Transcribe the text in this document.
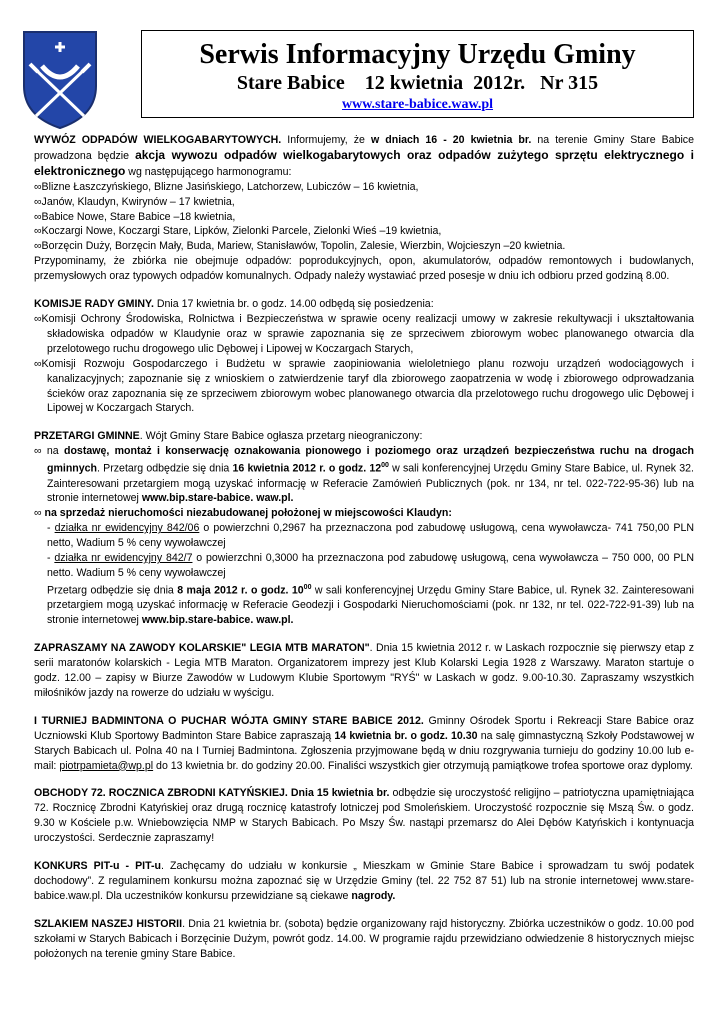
Serwis Informacyjny Urzędu Gminy
Stare Babice    12 kwietnia  2012r.   Nr 315
www.stare-babice.waw.pl

WYWÓZ ODPADÓW WIELKOGABARYTOWYCH. Informujemy, że w dniach 16 - 20 kwietnia br. na terenie Gminy Stare Babice prowadzona będzie akcja wywozu odpadów wielkogabarytowych oraz odpadów zużytego sprzętu elektrycznego i elektronicznego wg następującego harmonogramu:

∞Blizne Łaszczyńskiego, Blizne Jasińskiego, Latchorzew, Lubiczów – 16 kwietnia,

∞Janów, Klaudyn, Kwirynów – 17 kwietnia,

∞Babice Nowe, Stare Babice –18 kwietnia,

∞Koczargi Nowe, Koczargi Stare, Lipków, Zielonki Parcele, Zielonki Wieś –19 kwietnia,

∞Borzęcin Duży, Borzęcin Mały, Buda, Mariew, Stanisławów, Topolin, Zalesie, Wierzbin, Wojcieszyn –20 kwietnia.

Przypominamy, że zbiórka nie obejmuje odpadów: poprodukcyjnych, opon, akumulatorów, odpadów remontowych i budowlanych, przemysłowych oraz typowych odpadów komunalnych. Odpady należy wystawiać przed posesje w dniu ich odbioru przed godziną 8.00.

KOMISJE RADY GMINY. Dnia 17 kwietnia br. o godz. 14.00 odbędą się posiedzenia:

∞Komisji Ochrony Środowiska, Rolnictwa i Bezpieczeństwa w sprawie oceny realizacji umowy w zakresie rekultywacji i ukształtowania składowiska odpadów w Klaudynie oraz w sprawie zapoznania się ze sprzeciwem zbiorowym wobec planowanego otwarcia dla przelotowego ruchu drogowego ulic Dębowej i Lipowej w Koczargach Starych,

∞Komisji Rozwoju Gospodarczego i Budżetu w sprawie zaopiniowania wieloletniego planu rozwoju urządzeń wodociągowych i kanalizacyjnych; zapoznanie się z wnioskiem o zatwierdzenie taryf dla zbiorowego zaopatrzenia w wodę i zbiorowego odprowadzania ścieków oraz zapoznania się ze sprzeciwem zbiorowym wobec planowanego otwarcia dla przelotowego ruchu drogowego ulic Dębowej i Lipowej w Koczargach Starych.

PRZETARGI GMINNE. Wójt Gminy Stare Babice ogłasza przetarg nieograniczony:

∞ na dostawę, montaż i konserwację oznakowania pionowego i poziomego oraz urządzeń bezpieczeństwa ruchu na drogach gminnych. Przetarg odbędzie się dnia 16 kwietnia 2012 r. o godz. $12^{00}$ w sali konferencyjnej Urzędu Gminy Stare Babice, ul. Rynek 32. Zainteresowani przetargiem mogą uzyskać informację w Referacie Zamówień Publicznych (pok. nr 134, nr tel. 022-722-95-36) lub na stronie internetowej www.bip.stare-babice. waw.pl.

∞ na sprzedaż nieruchomości niezabudowanej położonej w miejscowości Klaudyn:

- działka nr ewidencyjny 842/06 o powierzchni 0,2967 ha przeznaczona pod zabudowę usługową, cena wywoławcza- 741 750,00 PLN netto, Wadium 5 % ceny wywoławczej

- działka nr ewidencyjny 842/7 o powierzchni 0,3000 ha przeznaczona pod zabudowę usługową, cena wywoławcza – 750 000, 00 PLN netto. Wadium 5 % ceny wywoławczej

Przetarg odbędzie się dnia 8 maja 2012 r. o godz. $10^{00}$ w sali konferencyjnej Urzędu Gminy Stare Babice, ul. Rynek 32. Zainteresowani przetargiem mogą uzyskać informację w Referacie Geodezji i Gospodarki Nieruchomościami (pok. nr 132, nr tel. 022-722-91-39) lub na stronie internetowej www.bip.stare-babice. waw.pl.

ZAPRASZAMY NA ZAWODY KOLARSKIE" LEGIA MTB MARATON". Dnia 15 kwietnia 2012 r. w Laskach rozpocznie się pierwszy etap z serii maratonów kolarskich - Legia MTB Maraton. Organizatorem imprezy jest Klub Kolarski Legia 1928 z Warszawy. Maraton startuje o godz. 12.00 – zapisy w Biurze Zawodów w Ludowym Klubie Sportowym "RYŚ" w Laskach w godz. 9.00-10.30. Zapraszamy wszystkich miłośników jazdy na rowerze do udziału w wyścigu.

I TURNIEJ BADMINTONA O PUCHAR WÓJTA GMINY STARE BABICE 2012. Gminny Ośrodek Sportu i Rekreacji Stare Babice oraz Uczniowski Klub Sportowy Badminton Stare Babice zapraszają 14 kwietnia br. o godz. 10.30 na salę gimnastyczną Szkoły Podstawowej w Starych Babicach ul. Polna 40 na I Turniej Badmintona. Zgłoszenia przyjmowane będą w dniu rozgrywania turnieju do godziny 10.00 lub e-mail: piotrpamieta@wp.pl do 13 kwietnia br. do godziny 20.00. Finaliści wszystkich gier otrzymują pamiątkowe trofea sportowe oraz dyplomy.

OBCHODY 72. ROCZNICA ZBRODNI KATYŃSKIEJ. Dnia 15 kwietnia br. odbędzie się uroczystość religijno – patriotyczna upamiętniająca 72. Rocznicę Zbrodni Katyńskiej oraz drugą rocznicę katastrofy lotniczej pod Smoleńskiem. Uroczystość rozpocznie się Mszą Św. o godz. 9.30 w Kościele p.w. Wniebowzięcia NMP w Starych Babicach. Po Mszy Św. nastąpi przemarsz do Alei Dębów Katyńskich i kontynuacja uroczystości. Serdecznie zapraszamy!

KONKURS PIT-u - PIT-u. Zachęcamy do udziału w konkursie „ Mieszkam w Gminie Stare Babice i sprowadzam tu swój podatek dochodowy”. Z regulaminem konkursu można zapoznać się w Urzędzie Gminy (tel. 22 752 87 51) lub na stronie internetowej www.stare-babice.waw.pl. Dla uczestników konkursu przewidziane są ciekawe nagrody.

SZLAKIEM NASZEJ HISTORII. Dnia 21 kwietnia br. (sobota) będzie organizowany rajd historyczny. Zbiórka uczestników o godz. 10.00 pod szkołami w Starych Babicach i Borzęcinie Dużym, powrót godz. 14.00. W programie rajdu przewidziano odwiedzenie 8 historycznych miejsc położonych na terenie gminy Stare Babice.
